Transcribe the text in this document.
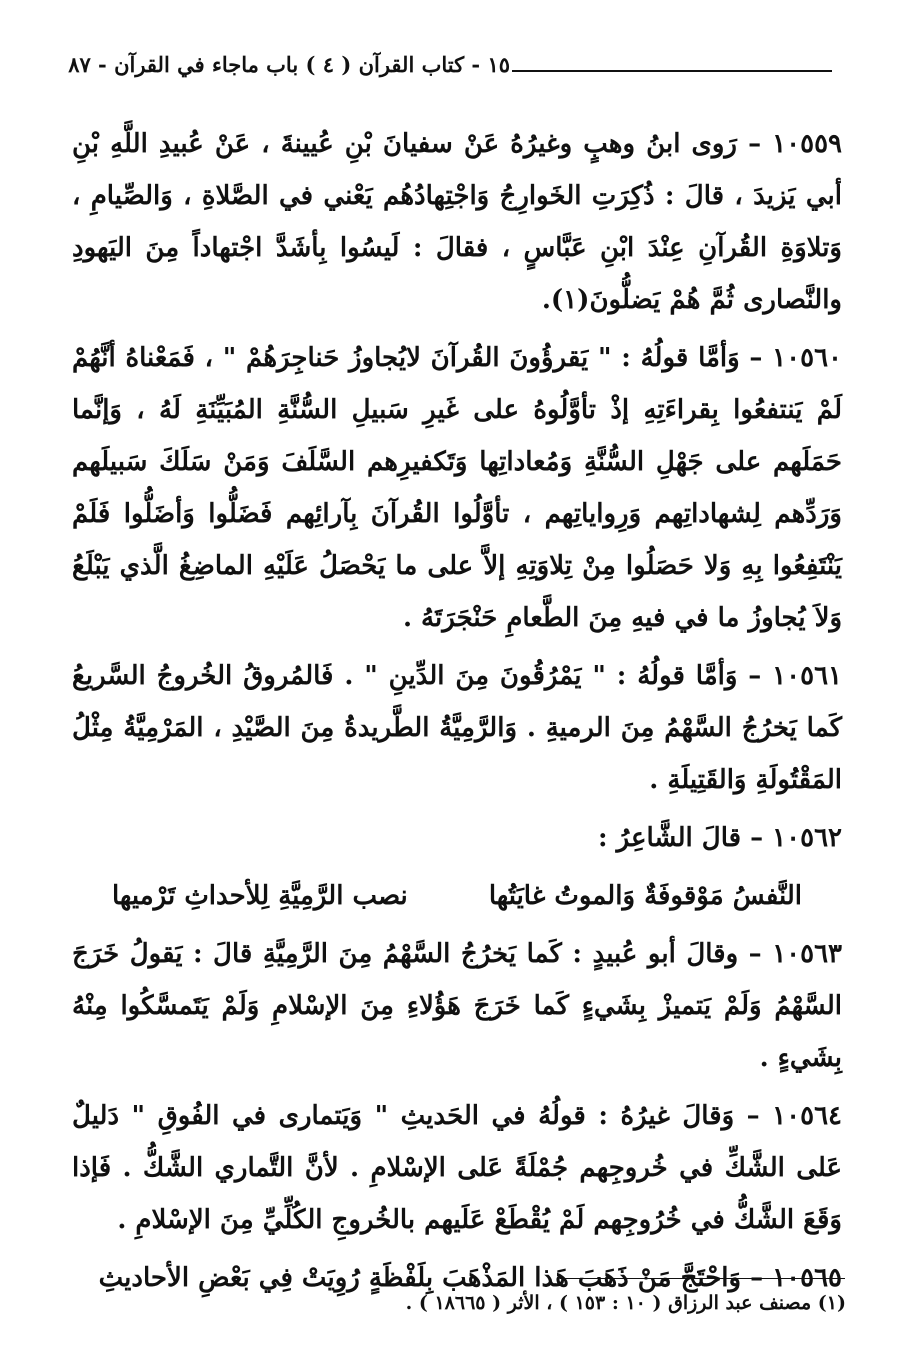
١٥ - كتاب القرآن ( ٤ ) باب ماجاء في القرآن - ٨٧

١٠٥٥٩ – رَوى ابنُ وهبٍ وغيرُهُ عَنْ سفيانَ بْنِ عُيينةَ ، عَنْ عُبيدِ اللَّهِ بْنِ أبي يَزيدَ ، قالَ : ذُكِرَتِ الخَوارِجُ وَاجْتِهادُهُم يَعْني في الصَّلاةِ ، وَالصِّيامِ ، وَتلاوَةِ القُرآنِ عِنْدَ ابْنِ عَبَّاسٍ ، فقالَ : لَيسُوا بِأشَدَّ اجْتهاداً مِنَ اليَهودِ والنَّصارى ثُمَّ هُمْ يَضلُّونَ(١).

١٠٥٦٠ – وَأمَّا قولُهُ : " يَقرؤُونَ القُرآنَ لايُجاوزُ حَناجِرَهُمْ " ، فَمَعْناهُ أنَّهُمْ لَمْ يَنتفعُوا بِقراءَتِهِ إذْ تأوَّلُوهُ على غَيرِ سَبيلِ السُّنَّةِ المُبَيِّنَةِ لَهُ ، وَإنَّما حَمَلَهم على جَهْلِ السُّنَّةِ وَمُعاداتِها وَتَكفيرِهم السَّلَفَ وَمَنْ سَلَكَ سَبيلَهم وَرَدِّهم لِشهاداتِهم وَرِواياتِهم ، تأوَّلُوا القُرآنَ بِآرائِهم فَضَلُّوا وَأضَلُّوا فَلَمْ يَنْتَفِعُوا بِهِ وَلا حَصَلُوا مِنْ تِلاوَتِهِ إلاَّ على ما يَحْصَلُ عَلَيْهِ الماضِغُ الَّذي يَبْلَعُ وَلاَ يُجاوزُ ما في فيهِ مِنَ الطَّعامِ حَنْجَرَتَهُ .

١٠٥٦١ – وَأمَّا قولُهُ : " يَمْرُقُونَ مِنَ الدِّينِ " . فَالمُروقُ الخُروجُ السَّريعُ كَما يَخرُجُ السَّهْمُ مِنَ الرميةِ . وَالرَّمِيَّةُ الطَّريدةُ مِنَ الصَّيْدِ ، المَرْمِيَّةُ مِثْلُ المَقْتُولَةِ وَالقَتِيلَةِ .

١٠٥٦٢ – قالَ الشَّاعِرُ :

النَّفسُ مَوْقوفَةٌ وَالموتُ غايَتُها
نصب الرَّمِيَّةِ لِلأحداثِ تَرْميها

١٠٥٦٣ – وقالَ أبو عُبيدٍ : كَما يَخرُجُ السَّهْمُ مِنَ الرَّمِيَّةِ قالَ : يَقولُ خَرَجَ السَّهْمُ وَلَمْ يَتميزْ بِشَيءٍ كَما خَرَجَ هَؤُلاءِ مِنَ الإسْلامِ وَلَمْ يَتَمسَّكُوا مِنْهُ بِشَيءٍ .

١٠٥٦٤ – وَقالَ غيرُهُ : قولُهُ في الحَديثِ " وَيَتمارى في الفُوقِ " دَليلٌ عَلى الشَّكِّ في خُروجِهم جُمْلَةً عَلى الإسْلامِ . لأنَّ التَّماري الشَّكُّ . فَإذا وَقَعَ الشَّكُّ في خُرُوجِهم لَمْ يُقْطَعْ عَلَيهم بالخُروجِ الكُلِّيِّ مِنَ الإسْلامِ .

١٠٥٦٥ – وَاحْتَجَّ مَنْ ذَهَبَ هَذا المَذْهَبَ بِلَفْظَةٍ رُوِيَتْ فِي بَعْضِ الأحاديثِ

(١) مصنف عبد الرزاق ( ١٠ : ١٥٣ ) ، الأثر ( ١٨٦٦٥ ) .
